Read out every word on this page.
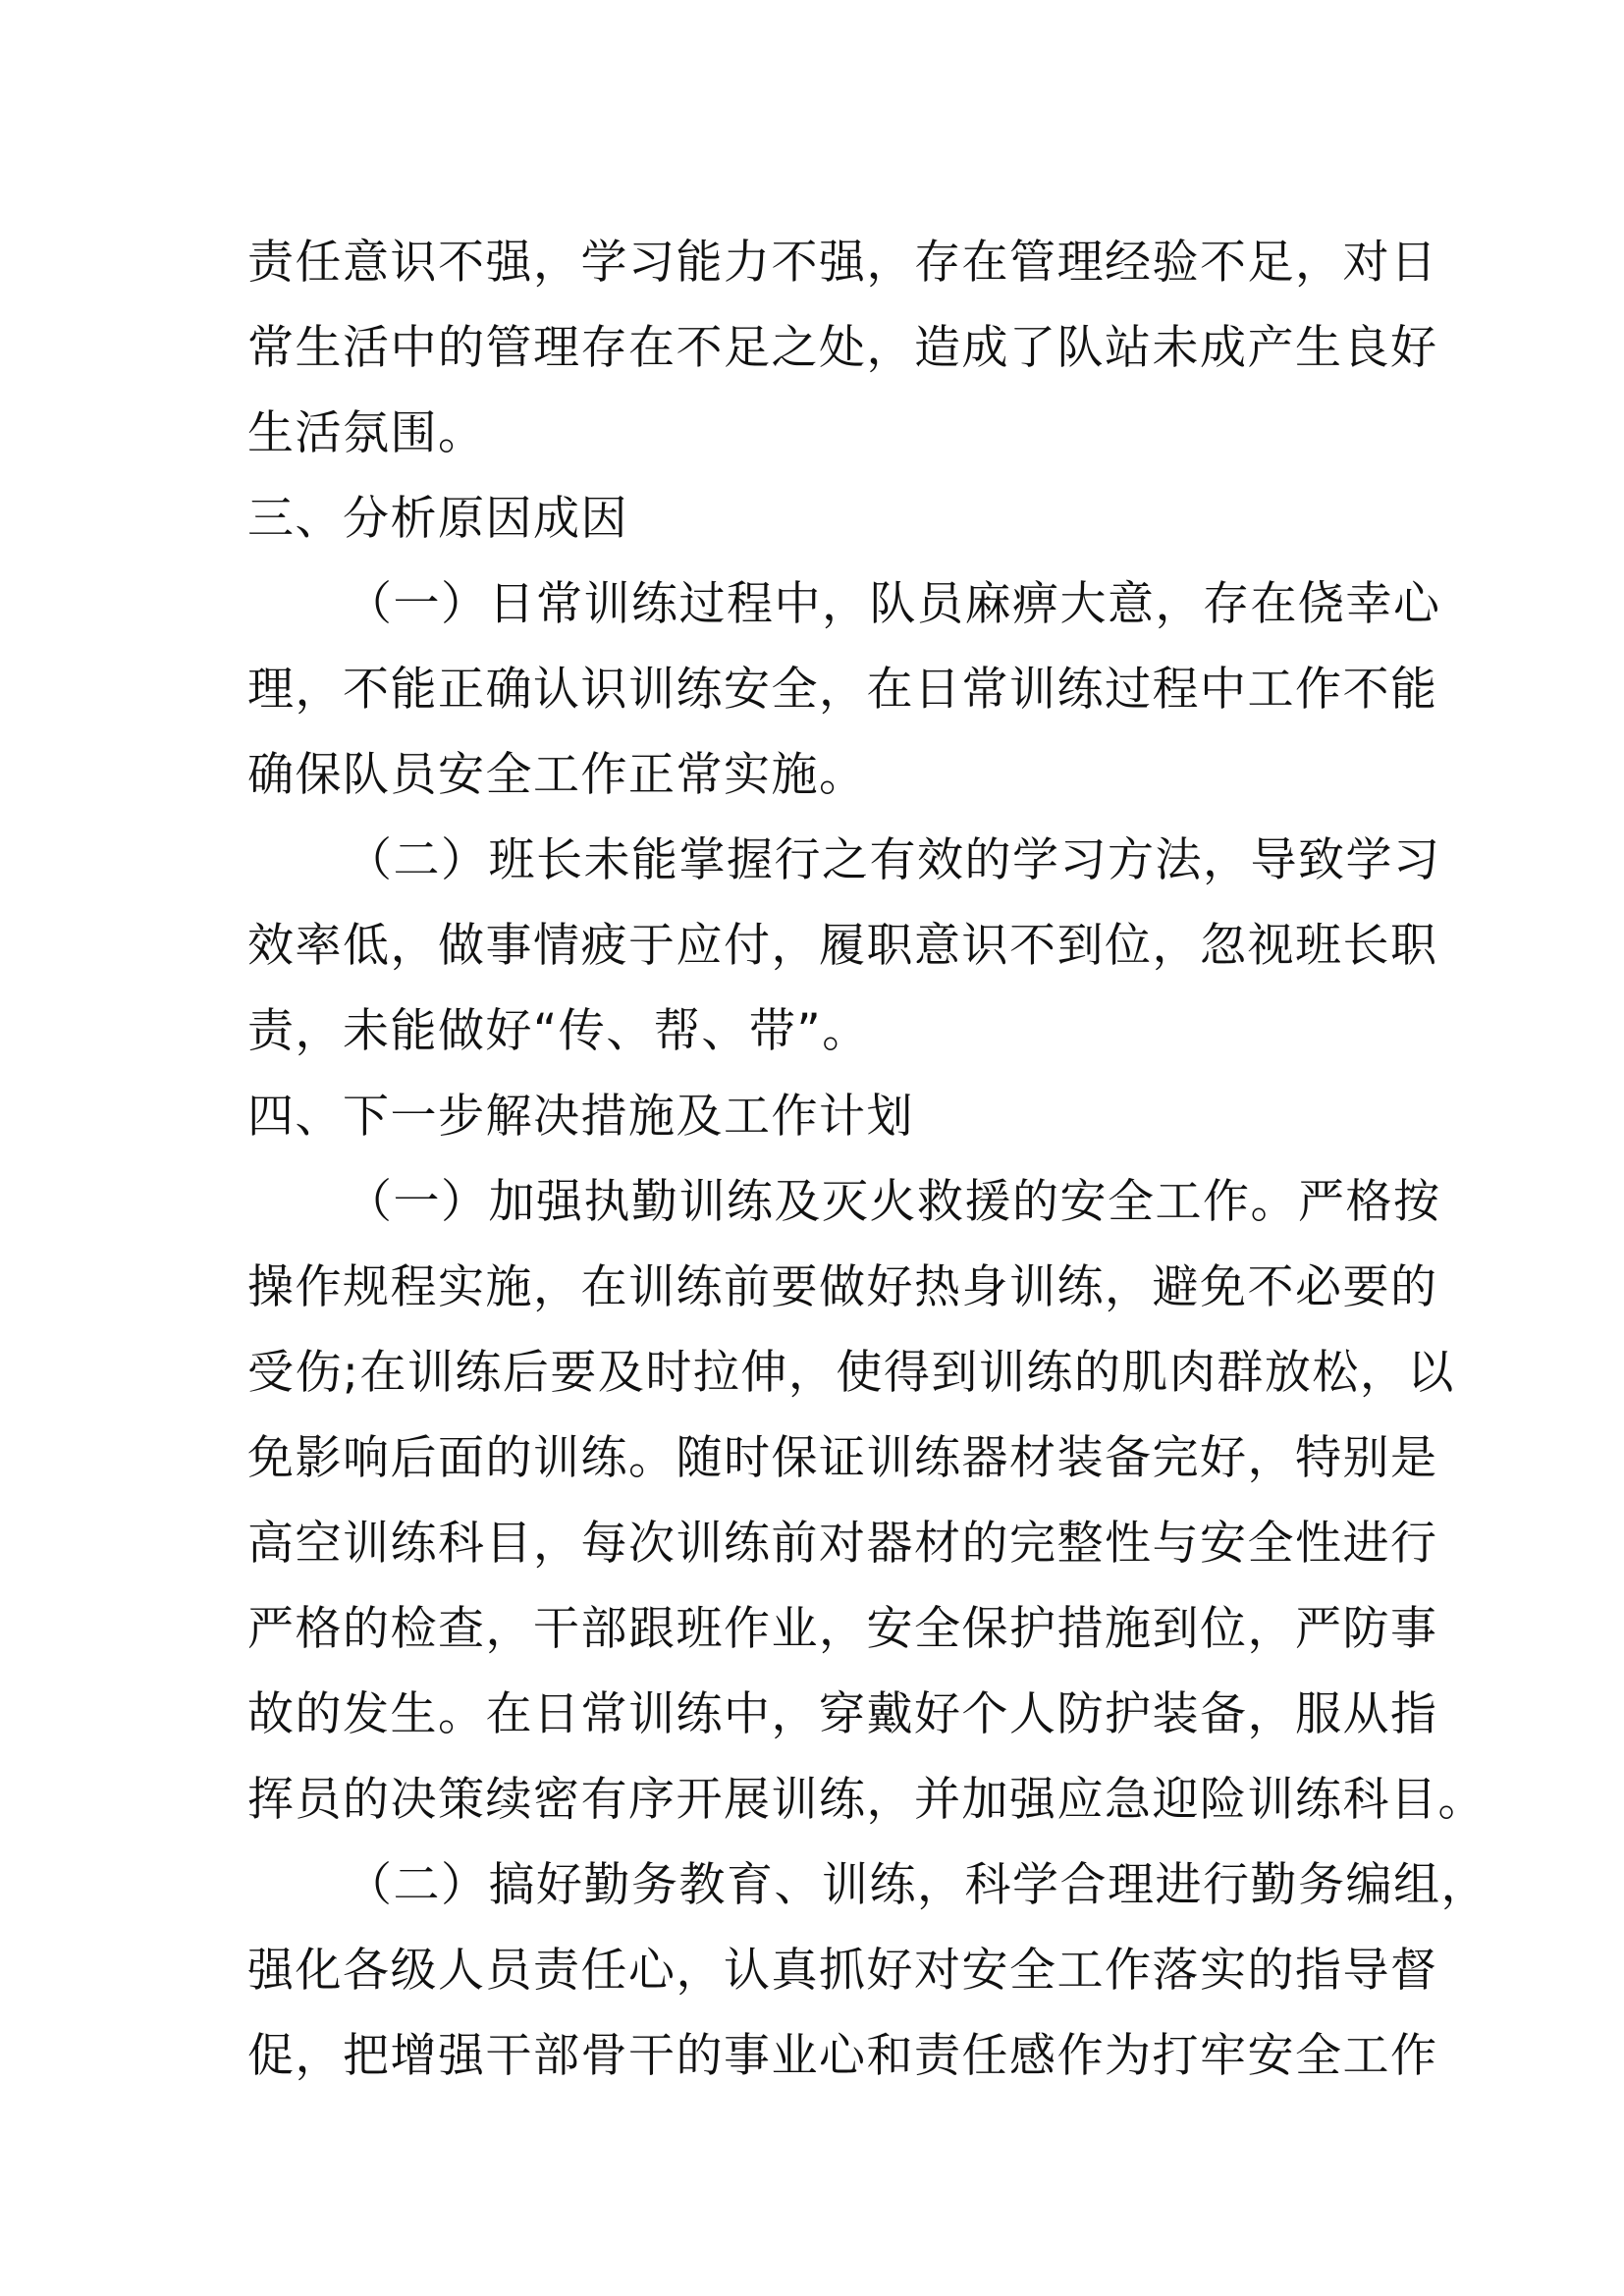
责任意识不强，学习能力不强，存在管理经验不足，对日
常生活中的管理存在不足之处，造成了队站未成产生良好
生活氛围。
三、分析原因成因
（一）日常训练过程中，队员麻痹大意，存在侥幸心
理，不能正确认识训练安全，在日常训练过程中工作不能
确保队员安全工作正常实施。
（二）班长未能掌握行之有效的学习方法，导致学习
效率低，做事情疲于应付，履职意识不到位，忽视班长职
责，未能做好“传、帮、带”。
四、下一步解决措施及工作计划
（一）加强执勤训练及灭火救援的安全工作。严格按
操作规程实施，在训练前要做好热身训练，避免不必要的
受伤;在训练后要及时拉伸，使得到训练的肌肉群放松，以
免影响后面的训练。随时保证训练器材装备完好，特别是
高空训练科目，每次训练前对器材的完整性与安全性进行
严格的检查，干部跟班作业，安全保护措施到位，严防事
故的发生。在日常训练中，穿戴好个人防护装备，服从指
挥员的决策续密有序开展训练，并加强应急迎险训练科目。
（二）搞好勤务教育、训练，科学合理进行勤务编组，
强化各级人员责任心，认真抓好对安全工作落实的指导督
促，把增强干部骨干的事业心和责任感作为打牢安全工作
